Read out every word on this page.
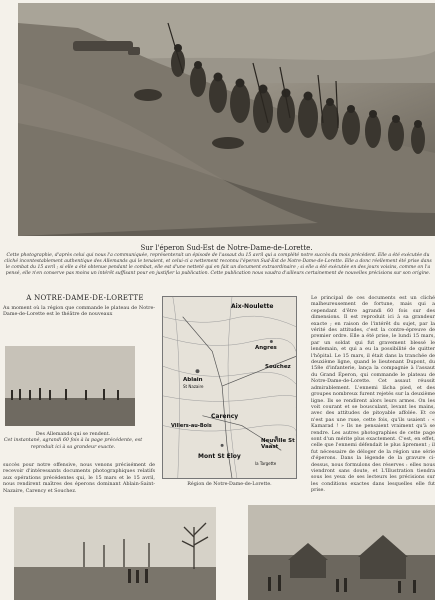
Sur l'éperon Sud-Est de Notre-Dame-de-Lorette.
Cette photographie, d'après celui qui nous l'a communiquée, représenterait un épisode de l'assaut du 15 avril qui a complété notre succès du mois précédent. Elle a été exécutée du cliché incontestablement authentique des Allemands qui le tenaient, et celui-ci a nettement reconnu l'éperon Sud-Est de Notre-Dame-de-Lorette. Elle a donc réellement été prise dans le combat du 15 avril ; si elle a été obtenue pendant le combat, elle est d'une netteté qui en fait un document extraordinaire ; si elle a été exécutée en des jours voisins, comme on l'a pensé, elle n'en conserve pas moins un intérêt suffisant pour en justifier la publication. Cette publication nous vaudra d'ailleurs certainement de nouvelles précisions sur son origine.
A NOTRE-DAME-DE-LORETTE
Au moment où la région que commande le plateau de Notre-Dame-de-Lorette est le théâtre de nouveaux
Des Allemands qui se rendent.
Cet instantané, agrandi 60 fois à la page précédente, est reproduit ici à sa grandeur exacte.
succès pour notre offensive, nous venons précisément de recevoir d'intéressants documents photographiques relatifs aux opérations précédentes qui, le 15 mars et le 15 avril, nous rendirent maîtres des éperons dominant Ablain-Saint-Nazaire, Carency et Souchez.
Aix-Noulette
Angres
Ablain
St Nazaire
Souchez
Carency
Villers-au-Bois
Mont St Eloy
Neuville St Vaast
la Targette
Région de Notre-Dame-de-Lorette.
Le principal de ces documents est un cliché malheureusement de fortune, mais qui a cependant d'être agrandi 60 fois sur des dimensions. Il est reproduit ici à sa grandeur exacte ; en raison de l'intérêt du sujet, par la vérité des attitudes, c'est la contre-épreuve de premier ordre. Elle a été prise, le lundi 15 mars, par un soldat qui fut gravement blessé le lendemain, et qui a eu la possibilité de quitter l'hôpital. Le 15 mars, il était dans la tranchée de deuxième ligne, quand le lieutenant Dupont, du 158e d'infanterie, lança la compagnie à l'assaut du Grand Éperon, qui commande le plateau de Notre-Dame-de-Lorette. Cet assaut réussit admirablement. L'ennemi lâcha pied, et des groupes nombreux furent rejetés sur la deuxième ligne. Ils se rendirent alors leurs armes. On les voit courant et se bousculant, levant les mains, avec des attitudes de pitoyable affolée. Et ce n'est pas une ruse, cette fois, qu'ils usaient : « Kamarad ! » Ils ne pensaient vraiment qu'à se rendre. Les autres photographies de cette page sont d'un mérite plus exactement. C'est, en effet, celle que l'ennemi défendait le plus âprement ; il fut nécessaire de déloger de la région une série d'éperons. Dans la légende de la gravure ci-dessus, nous formulons des réserves : elles nous viendront sans doute, et L'Illustration tiendra sous les yeux de ses lecteurs les précisions sur les conditions exactes dans lesquelles elle fut prise.
